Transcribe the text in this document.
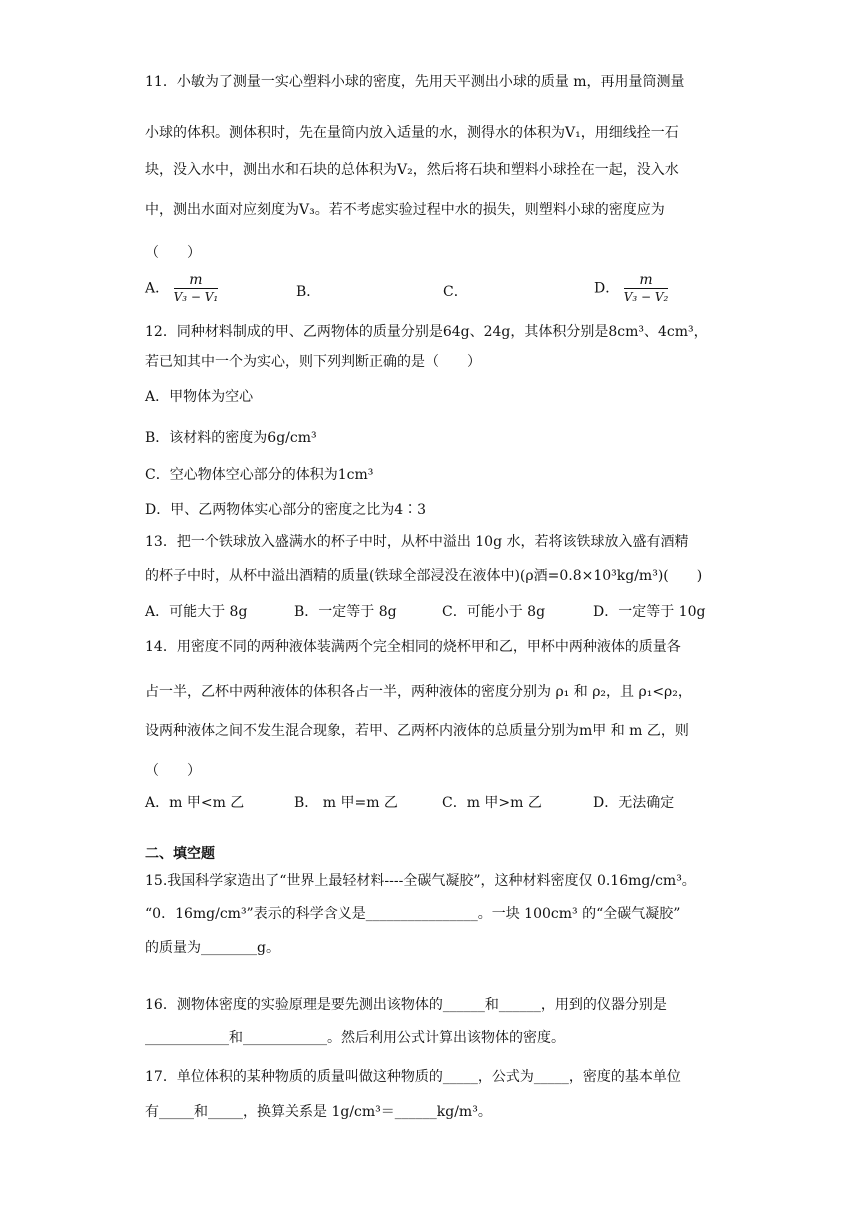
11．小敏为了测量一实心塑料小球的密度，先用天平测出小球的质量 m，再用量筒测量
小球的体积。测体积时，先在量筒内放入适量的水，测得水的体积为V₁，用细线拴一石
块，没入水中，测出水和石块的总体积为V₂，然后将石块和塑料小球拴在一起，没入水
中，测出水面对应刻度为V₃。若不考虑实验过程中水的损失，则塑料小球的密度应为
（　　）
A． $\frac{m}{\text{V₃ − V₁}}$	B．	C．	D． $\frac{m}{\text{V₃ − V₂}}$
12．同种材料制成的甲、乙两物体的质量分别是64g、24g，其体积分别是8cm³、4cm³，
若已知其中一个为实心，则下列判断正确的是（　　）
A．甲物体为空心
B．该材料的密度为6g/cm³
C．空心物体空心部分的体积为1cm³
D．甲、乙两物体实心部分的密度之比为4∶3
13．把一个铁球放入盛满水的杯子中时，从杯中溢出 10g 水，若将该铁球放入盛有酒精
的杯子中时，从杯中溢出酒精的质量(铁球全部浸没在液体中)(ρ酒=0.8×10³kg/m³)(　　)
A．可能大于 8g	B．一定等于 8g	C．可能小于 8g	D．一定等于 10g
14．用密度不同的两种液体装满两个完全相同的烧杯甲和乙，甲杯中两种液体的质量各
占一半，乙杯中两种液体的体积各占一半，两种液体的密度分别为 ρ₁ 和 ρ₂，且 ρ₁<ρ₂，
设两种液体之间不发生混合现象，若甲、乙两杯内液体的总质量分别为m甲 和 m 乙，则
（　　）
A．m 甲<m 乙	B． m 甲=m 乙	C．m 甲>m 乙	D．无法确定
二、填空题
15.我国科学家造出了“世界上最轻材料----全碳气凝胶”，这种材料密度仅 0.16mg/cm³。
“0．16mg/cm³”表示的科学含义是________________。一块 100cm³ 的“全碳气凝胶”
的质量为________g。
16．测物体密度的实验原理是要先测出该物体的______和______，用到的仪器分别是
____________和____________。然后利用公式计算出该物体的密度。
17．单位体积的某种物质的质量叫做这种物质的_____，公式为_____，密度的基本单位
有_____和_____，换算关系是 1g/cm³＝______kg/m³。
